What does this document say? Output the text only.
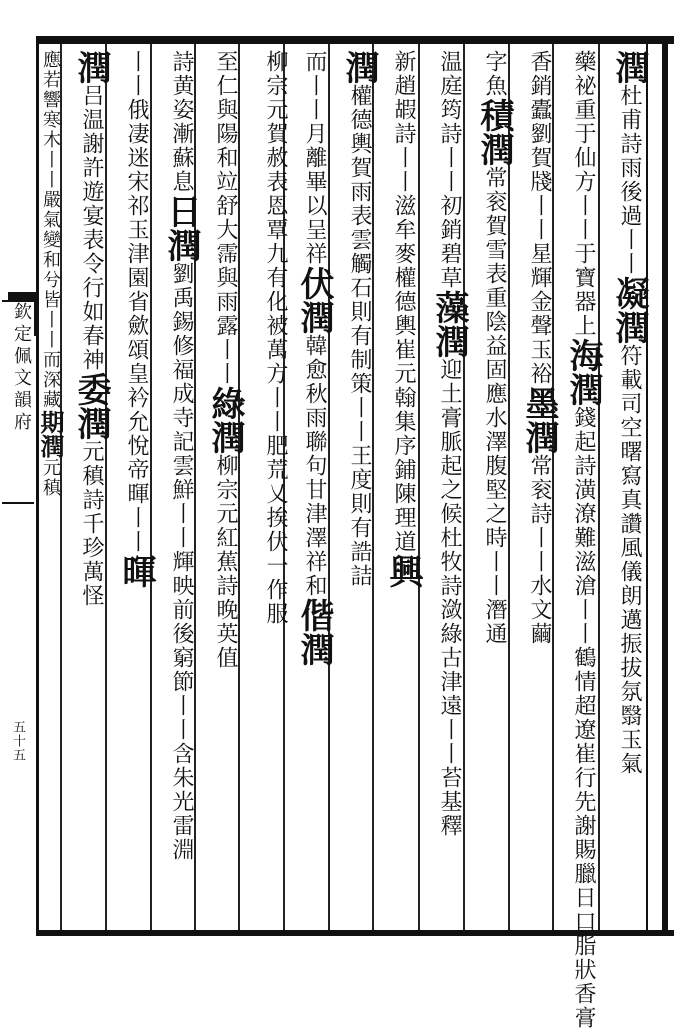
欽定佩文韻府
五十五
潤杜甫詩雨後過丨丨凝潤符載司空曙寫真讚風儀朗邁振拔氛翳玉氣
藥祕重于仙方丨丨于寶器上海潤錢起詩潢潦難滋滄丨丨鶴情超遼崔行先謝賜臘日口脂狀香膏
香銷蠹劉賀牋丨丨星輝金聲玉裕墨潤常衮詩丨丨水文繭
字魚積潤常衮賀雪表重陰益固應水澤腹堅之時丨丨潛通
温庭筠詩丨丨初銷碧草藻潤迎土膏脈起之候杜牧詩潋綠古津遠丨丨苔基釋
新趙嘏詩丨丨滋牟麥權德輿崔元翰集序鋪陳理道興
潤權德輿賀雨表雲觸石則有制策丨丨王度則有誥詰
而丨丨月離畢以呈祥伏潤韓愈秋雨聯句甘津澤祥和偕潤
柳宗元賀赦表恩覃九有化被萬方丨丨肥荒乂挨伏一作服
至仁與陽和竝舒大霈與雨露丨丨綠潤柳宗元紅蕉詩晚英值
詩黄姿漸蘇息日潤劉禹錫修福成寺記雲鮮丨丨輝映前後窮節丨丨含朱光雷淵
丨丨俄凄迷宋祁玉津園省歛頌皇衿允悅帝暉丨丨暉
潤吕温謝許遊宴表令行如春神委潤元稹詩千珍萬怪
應若響寒木丨丨嚴氣變和兮皆丨丨而深藏期潤元稹
